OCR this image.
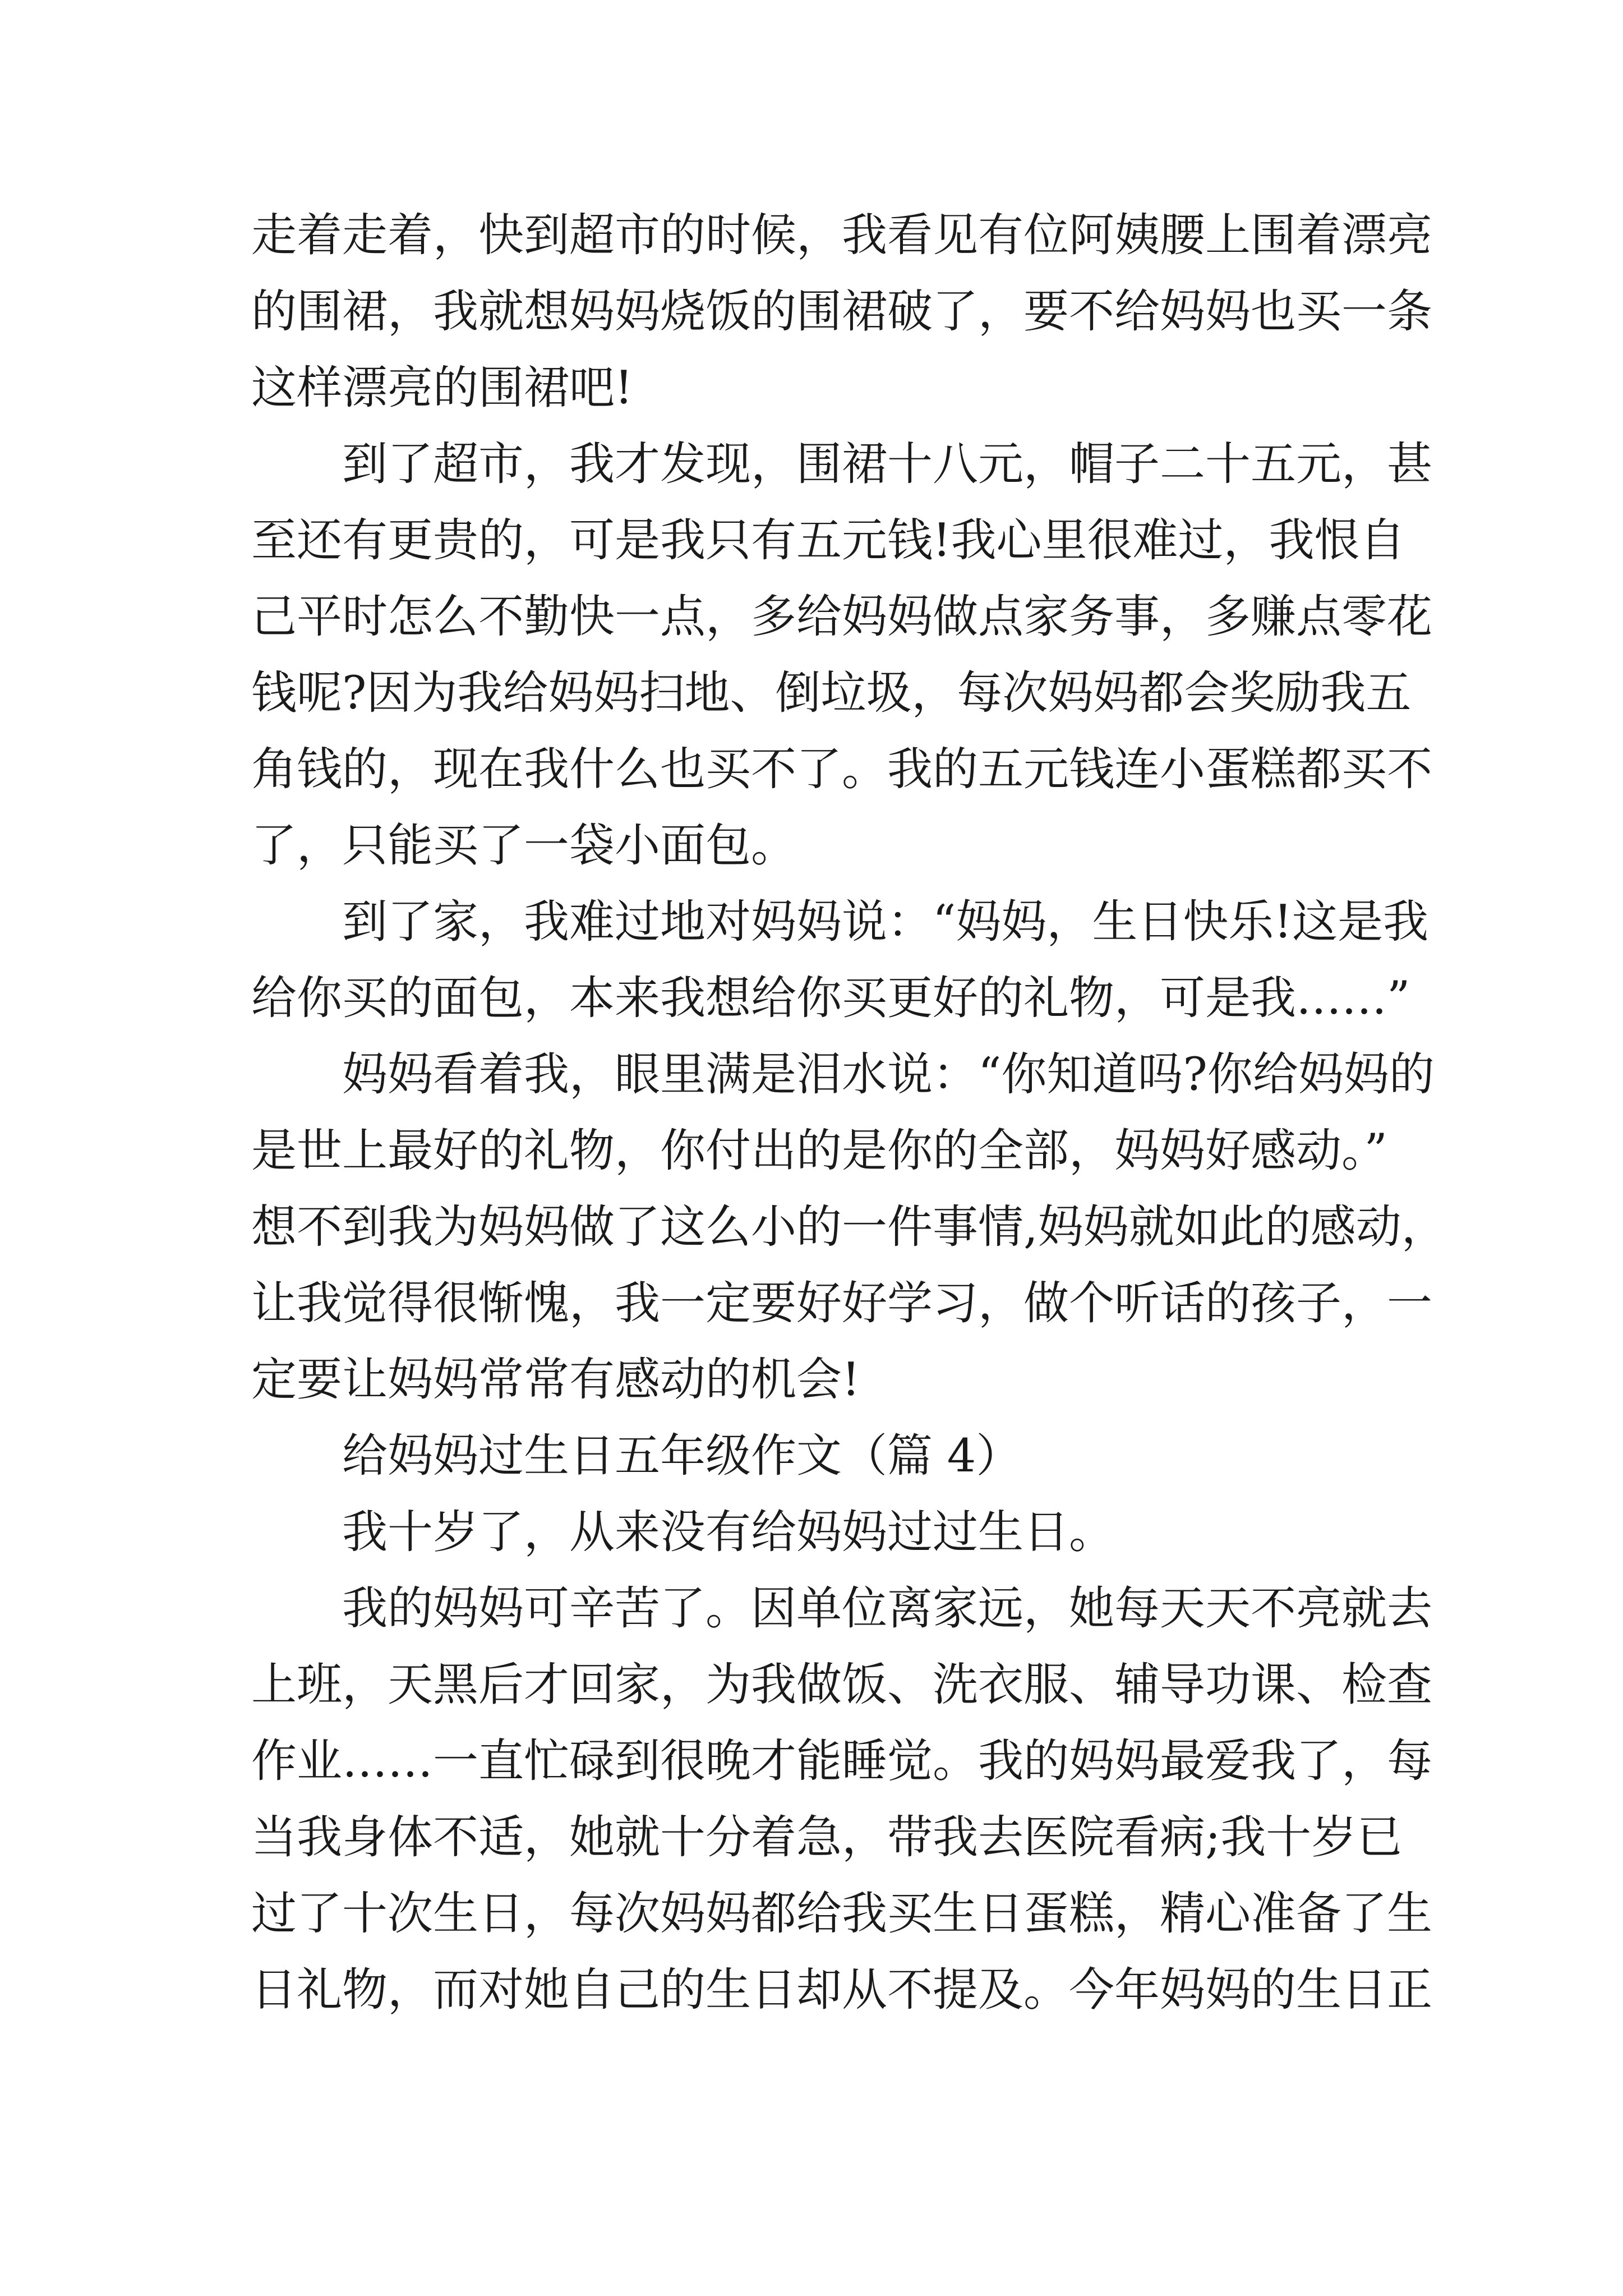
走着走着，快到超市的时候，我看见有位阿姨腰上围着漂亮
的围裙，我就想妈妈烧饭的围裙破了，要不给妈妈也买一条
这样漂亮的围裙吧!
到了超市，我才发现，围裙十八元，帽子二十五元，甚
至还有更贵的，可是我只有五元钱!我心里很难过，我恨自
己平时怎么不勤快一点，多给妈妈做点家务事，多赚点零花
钱呢?因为我给妈妈扫地、倒垃圾，每次妈妈都会奖励我五
角钱的，现在我什么也买不了。我的五元钱连小蛋糕都买不
了，只能买了一袋小面包。
到了家，我难过地对妈妈说：“妈妈，生日快乐!这是我
给你买的面包，本来我想给你买更好的礼物，可是我……”
妈妈看着我，眼里满是泪水说：“你知道吗?你给妈妈的
是世上最好的礼物，你付出的是你的全部，妈妈好感动。”
想不到我为妈妈做了这么小的一件事情,妈妈就如此的感动，
让我觉得很惭愧，我一定要好好学习，做个听话的孩子，一
定要让妈妈常常有感动的机会!
给妈妈过生日五年级作文（篇 4）
我十岁了，从来没有给妈妈过过生日。
我的妈妈可辛苦了。因单位离家远，她每天天不亮就去
上班，天黑后才回家，为我做饭、洗衣服、辅导功课、检查
作业……一直忙碌到很晚才能睡觉。我的妈妈最爱我了，每
当我身体不适，她就十分着急，带我去医院看病;我十岁已
过了十次生日，每次妈妈都给我买生日蛋糕，精心准备了生
日礼物，而对她自己的生日却从不提及。今年妈妈的生日正
